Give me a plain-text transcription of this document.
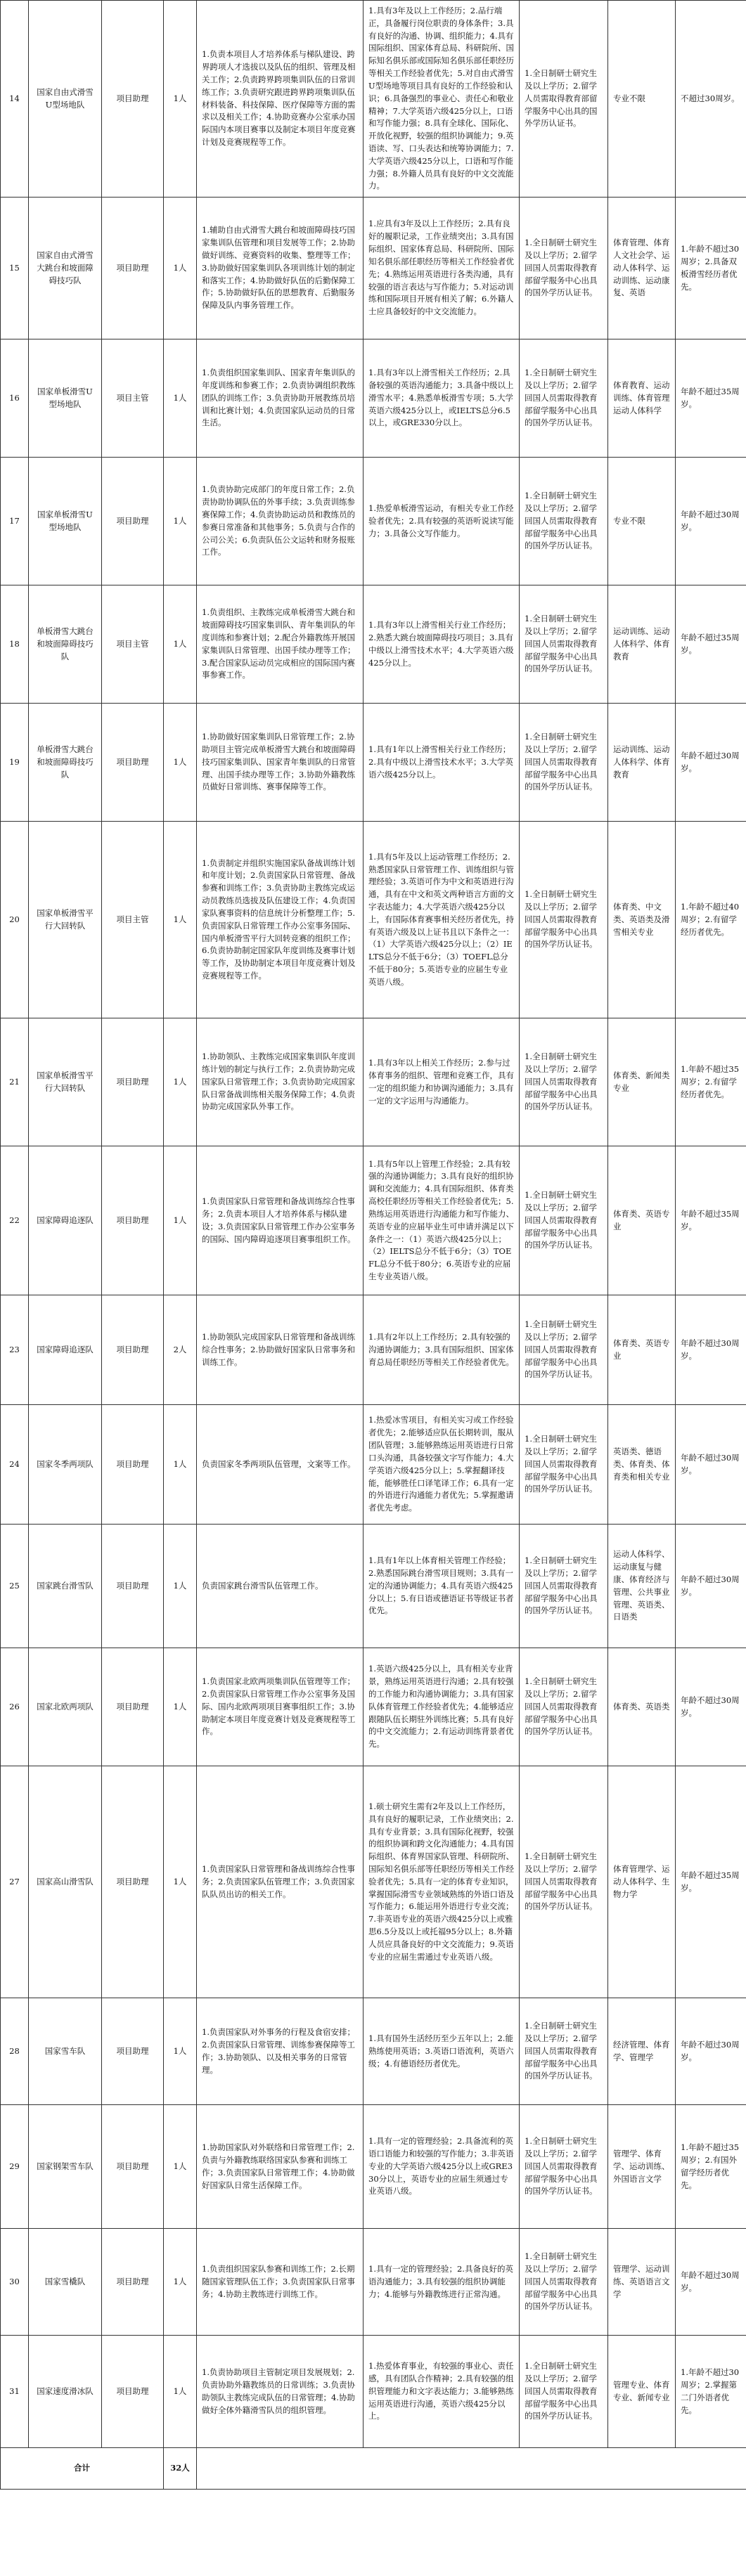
14	国家自由式滑雪U型场地队	项目助理	1人	1.负责本项目人才培养体系与梯队建设、跨界跨项人才选拔以及队伍的组织、管理及相关工作；2.负责跨界跨项集训队伍的日常训练工作；3.负责研究跟进跨界跨项集训队伍材料装备、科技保障、医疗保障等方面的需求以及相关工作；4.协助竞赛办公室承办国际国内本项目赛事以及制定本项目年度竞赛计划及竞赛规程等工作。	1.具有3年及以上工作经历；2.品行端正，具备履行岗位职责的身体条件；3.具有良好的沟通、协调、组织能力；4.具有国际组织、国家体育总局、科研院所、国际知名俱乐部或国际知名俱乐部任职经历等相关工作经验者优先；5.对自由式滑雪U型场地等项目具有良好的工作经验和认识；6.具备强烈的事业心、责任心和敬业精神；7.大学英语六级425分以上，口语和写作能力强；8.具有全球化、国际化、开放化视野，较强的组织协调能力；9.英语读、写、口头表达和统筹协调能力；7.大学英语六级425分以上，口语和写作能力强；8.外籍人员具有良好的中文交流能力。	1.全日制研士研究生及以上学历；2.留学人员需取得教育部留学服务中心出具的国外学历认证书。	专业不限	不超过30周岁。
15	国家自由式滑雪大跳台和坡面障碍技巧队	项目助理	1人	1.辅助自由式滑雪大跳台和坡面障碍技巧国家集训队伍管理和项目发展等工作；2.协助做好训练、竞赛资料的收集、整理等工作；3.协助做好国家集训队各项训练计划的制定和落实工作；4.协助做好队伍的后勤保障工作；5.协助做好队伍的思想教育、后勤服务保障及队内事务管理工作。	1.应具有3年及以上工作经历；2.具有良好的履职记录，工作业绩突出；3.具有国际组织、国家体育总局、科研院所、国际知名俱乐部任职经历等相关工作经验者优先；4.熟练运用英语进行各类沟通，具有较强的语言表达与写作能力；5.对运动训练和国际项目开展有相关了解；6.外籍人士应具备较好的中文交流能力。	1.全日制研士研究生及以上学历；2.留学回国人员需取得教育部留学服务中心出具的国外学历认证书。	体育管理、体育人文社会学、运动人体科学、运动训练、运动康复、英语	1.年龄不超过30周岁；2.具备双板滑雪经历者优先。
16	国家单板滑雪U型场地队	项目主管	1人	1.负责组织国家集训队、国家青年集训队的年度训练和参赛工作；2.负责协调组织教练团队的训练工作；3.负责协助开展教练员培训和比赛计划；4.负责国家队运动员的日常生活。	1.具有3年以上滑雪相关工作经历；2.具备较强的英语沟通能力；3.具备中级以上滑雪水平；4.熟悉单板滑雪专项；5.大学英语六级425分以上，或IELTS总分6.5以上，或GRE330分以上。	1.全日制研士研究生及以上学历；2.留学回国人员需取得教育部留学服务中心出具的国外学历认证书。	体育教育、运动训练、体育管理运动人体科学	年龄不超过35周岁。
17	国家单板滑雪U型场地队	项目助理	1人	1.负责协助完成部门的年度日常工作；2.负责协助协调队伍的外事手续；3.负责训练参赛保障工作；4.负责协助运动员和教练员的参赛日常准备和其他事务；5.负责与合作的公司公关；6.负责队伍公文运转和财务报账工作。	1.热爱单板滑雪运动，有相关专业工作经验者优先；2.具有较强的英语听说读写能力；3.具备公文写作能力。	1.全日制研士研究生及以上学历；2.留学回国人员需取得教育部留学服务中心出具的国外学历认证书。	专业不限	年龄不超过30周岁。
18	单板滑雪大跳台和坡面障碍技巧队	项目主管	1人	1.负责组织、主教练完成单板滑雪大跳台和坡面障碍技巧国家集训队、青年集训队的年度训练和参赛计划；2.配合外籍教练开展国家集训队日常管理、出国手续办理等工作；3.配合国家队运动员完成相应的国际国内赛事参赛工作。	1.具有3年以上滑雪相关行业工作经历；2.熟悉大跳台坡面障碍技巧项目；3.具有中级以上滑雪技术水平；4.大学英语六级425分以上。	1.全日制研士研究生及以上学历；2.留学回国人员需取得教育部留学服务中心出具的国外学历认证书。	运动训练、运动人体科学、体育教育	年龄不超过35周岁。
19	单板滑雪大跳台和坡面障碍技巧队	项目助理	1人	1.协助做好国家集训队日常管理工作；2.协助项目主管完成单板滑雪大跳台和坡面障碍技巧国家集训队、国家青年集训队的日常管理、出国手续办理等工作；3.协助外籍教练员做好日常训练、赛事保障等工作。	1.具有1年以上滑雪相关行业工作经历；2.具有中级以上滑雪技术水平；3.大学英语六级425分以上。	1.全日制研士研究生及以上学历；2.留学回国人员需取得教育部留学服务中心出具的国外学历认证书。	运动训练、运动人体科学、体育教育	年龄不超过30周岁。
20	国家单板滑雪平行大回转队	项目主管	1人	1.负责制定并组织实施国家队备战训练计划和年度计划；2.负责国家队日常管理、备战参赛和训练工作；3.负责协助主教练完成运动员教练员选拔及队伍建设工作；4.负责国家队赛事资料的信息统计分析整理工作；5.负责国家队日常管理工作办公室事务国际、国内单板滑雪平行大回转竞赛的组织工作；6.负责协助制定国家队年度训练及赛事计划等工作，及协助制定本项目年度竞赛计划及竞赛规程等工作。	1.具有5年及以上运动管理工作经历；2.熟悉国家队日常管理工作、训练组织与管理经验；3.英语可作为中文和英语进行沟通，具有在中文和英文两种语言方面的文字表达能力；4.大学英语六级425分以上，有国际体育赛事相关经历者优先，持有英语六级及以上证书且以下条件之一：（1）大学英语六级425分以上；（2）IELTS总分不低于6分；（3）TOEFL总分不低于80分；5.英语专业的应届生专业英语八级。	1.全日制研士研究生及以上学历；2.留学回国人员需取得教育部留学服务中心出具的国外学历认证书。	体育类、中文类、英语类及滑雪相关专业	1.年龄不超过40周岁；2.有留学经历者优先。
21	国家单板滑雪平行大回转队	项目助理	1人	1.协助领队、主教练完成国家集训队年度训练计划的制定与执行工作；2.负责协助完成国家队日常管理工作；3.负责协助完成国家队日常备战训练相关服务保障工作；4.负责协助完成国家队外事工作。	1.具有3年以上相关工作经历；2.参与过体育事务的组织、管理和竞赛工作，具有一定的组织能力和协调沟通能力；3.具有一定的文字运用与沟通能力。	1.全日制研士研究生及以上学历；2.留学回国人员需取得教育部留学服务中心出具的国外学历认证书。	体育类、新闻类专业	1.年龄不超过35周岁；2.有留学经历者优先。
22	国家障碍追逐队	项目助理	1人	1.负责国家队日常管理和备战训练综合性事务；2.负责本项目人才培养体系与梯队建设；3.负责国家队日常管理工作办公室事务的国际、国内障碍追逐项目赛事组织工作。	1.具有5年以上管理工作经验；2.具有较强的沟通协调能力；3.具有良好的组织协调和交流能力；4.具有国际组织、体育类高校任职经历等相关工作经验者优先；5.熟练运用英语进行沟通能力和写作能力、英语专业的应届毕业生可申请并满足以下条件之一：（1）英语六级425分以上；（2）IELTS总分不低于6分；（3）TOEFL总分不低于80分；6.英语专业的应届生专业英语八级。	1.全日制研士研究生及以上学历；2.留学回国人员需取得教育部留学服务中心出具的国外学历认证书。	体育类、英语专业	年龄不超过35周岁。
23	国家障碍追逐队	项目助理	2人	1.协助领队完成国家队日常管理和备战训练综合性事务；2.协助做好国家队日常事务和训练工作。	1.具有2年以上工作经历；2.具有较强的沟通协调能力；3.具有国际组织、国家体育总局任职经历等相关工作经验者优先。	1.全日制研士研究生及以上学历；2.留学回国人员需取得教育部留学服务中心出具的国外学历认证书。	体育类、英语专业	年龄不超过30周岁。
24	国家冬季两项队	项目助理	1人	负责国家冬季两项队伍管理，文案等工作。	1.热爱冰雪项目，有相关实习或工作经验者优先；2.能够适应队伍长期转训，服从团队管理；3.能够熟练运用英语进行日常口头沟通，具备较强文字写作能力；4.大学英语六级425分以上；5.掌握翻译技能，能够胜任口译笔译工作；6.具有一定的外语进行沟通能力者优先；5.掌握邀请者优先考虑。	1.全日制研士研究生及以上学历；2.留学回国人员需取得教育部留学服务中心出具的国外学历认证书。	英语类、德语类、体育类、体育类和相关专业	年龄不超过30周岁。
25	国家跳台滑雪队	项目助理	1人	负责国家跳台滑雪队伍管理工作。	1.具有1年以上体育相关管理工作经验；2.熟悉国际跳台滑雪项目规则；3.具有一定的沟通协调能力；4.具有英语六级425分以上；5.有日语或德语证书等级证书者优先。	1.全日制研士研究生及以上学历；2.留学回国人员需取得教育部留学服务中心出具的国外学历认证书。	运动人体科学、运动康复与健康、体育经济与管理、公共事业管理、英语类、日语类	年龄不超过30周岁。
26	国家北欧两项队	项目助理	1人	1.负责国家北欧两项集训队伍管理等工作；2.负责国家队日常管理工作办公室事务及国际、国内北欧两项项目赛事组织工作；3.协助制定本项目年度竞赛计划及竞赛规程等工作。	1.英语六级425分以上，具有相关专业背景，熟练运用英语进行沟通；2.具有较强的工作能力和沟通协调能力；3.具有国家队体育管理工作经验者优先；4.能够适应跟随队伍长期驻外训练比赛；5.具有良好的中文交流能力；2.有运动训练背景者优先。	1.全日制研士研究生及以上学历；2.留学回国人员需取得教育部留学服务中心出具的国外学历认证书。	体育类、英语类	年龄不超过30周岁。
27	国家高山滑雪队	项目助理	1人	1.负责国家队日常管理和备战训练综合性事务；2.负责国家队伍管理工作；3.负责国家队队员出访的相关工作。	1.硕士研究生需有2年及以上工作经历，具有良好的履职记录，工作业绩突出；2.具有专业背景；3.具有国际化视野，较强的组织协调和跨文化沟通能力；4.具有国际组织、体育界国家队管理、科研院所、国际知名俱乐部等任职经历等相关工作经验者优先；5.具有一定的体育专业知识，掌握国际滑雪专业领域熟练的外语口语及写作能力；6.能运用外语进行专业交流；7.非英语专业的英语六级425分以上或雅思6.5分及以上或托福95分以上；8.外籍人员应具备良好的中文交流能力；9.英语专业的应届生需通过专业英语八级。	1.全日制研士研究生及以上学历；2.留学回国人员需取得教育部留学服务中心出具的国外学历认证书。	体育管理学、运动人体科学、生物力学	年龄不超过35周岁。
28	国家雪车队	项目助理	1人	1.负责国家队对外事务的行程及食宿安排；2.负责国家队日常管理、训练参赛保障等工作；3.协助领队、以及相关事务的日常管理。	1.具有国外生活经历至少五年以上；2.能熟练使用英语；3.英语口语流利，英语六级；4.有德语经历者优先。	1.全日制研士研究生及以上学历；2.留学回国人员需取得教育部留学服务中心出具的国外学历认证书。	经济管理、体育学、管理学	年龄不超过30周岁。
29	国家钢架雪车队	项目助理	1人	1.协助国家队对外联络和日常管理工作；2.负责与外籍教练联络国家队参赛和训练工作；3.负责国家队日常管理工作；4.协助做好国家队日常生活保障工作。	1.具有一定的管理经验；2.具备流利的英语口语能力和较强的写作能力；3.非英语专业的大学英语六级425分以上或GRE330分以上，英语专业的应届生须通过专业英语八级。	1.全日制研士研究生及以上学历；2.留学回国人员需取得教育部留学服务中心出具的国外学历认证书。	管理学、体育学、运动训练、外国语言文学	1.年龄不超过35周岁；2.有国外留学经历者优先。
30	国家雪橇队	项目助理	1人	1.负责组织国家队参赛和训练工作；2.长期随国家管理队伍工作；3.负责国家队日常事务；4.协助主教练进行训练工作。	1.具有一定的管理经验；2.具备良好的英语沟通能力；3.具有较强的组织协调能力；4.能够与外籍教练进行正常沟通。	1.全日制研士研究生及以上学历；2.留学回国人员需取得教育部留学服务中心出具的国外学历认证书。	管理学、运动训练、英语语言文学	年龄不超过30周岁。
31	国家速度滑冰队	项目助理	1人	1.负责协助项目主管制定项目发展规划；2.负责协助外籍教练员的日常训练；3.负责协助领队主教练完成队伍的日常管理；4.协助做好全体外籍滑雪队员的组织管理。	1.热爱体育事业，有较强的事业心、责任感，具有团队合作精神；2.具有较强的组织管理能力和文字表达能力；3.能够熟练运用英语进行沟通，英语六级425分以上。	1.全日制研士研究生及以上学历；2.留学回国人员需取得教育部留学服务中心出具的国外学历认证书。	管理专业、体育专业、新闻专业	1.年龄不超过30周岁；2.掌握第二门外语者优先。
合计			32人					
